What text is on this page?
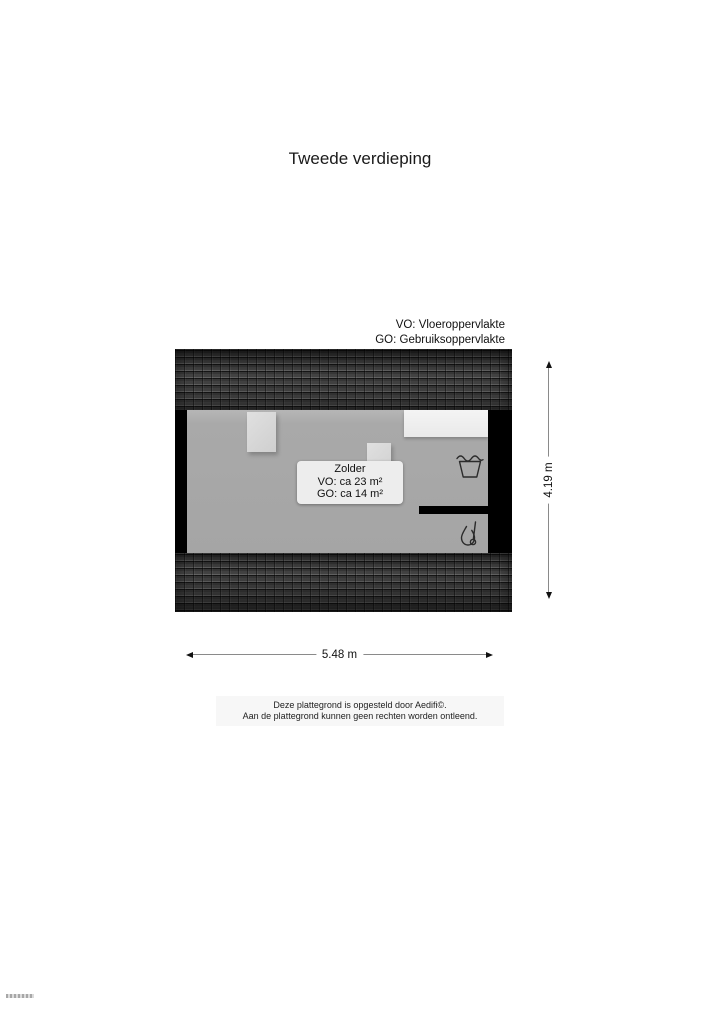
Tweede verdieping
VO: Vloeroppervlakte
GO: Gebruiksoppervlakte
Zolder
VO: ca 23 m²
GO: ca 14 m²	4.19 m
5.48 m
Deze plattegrond is opgesteld door Aedifi©.
Aan de plattegrond kunnen geen rechten worden ontleend.
